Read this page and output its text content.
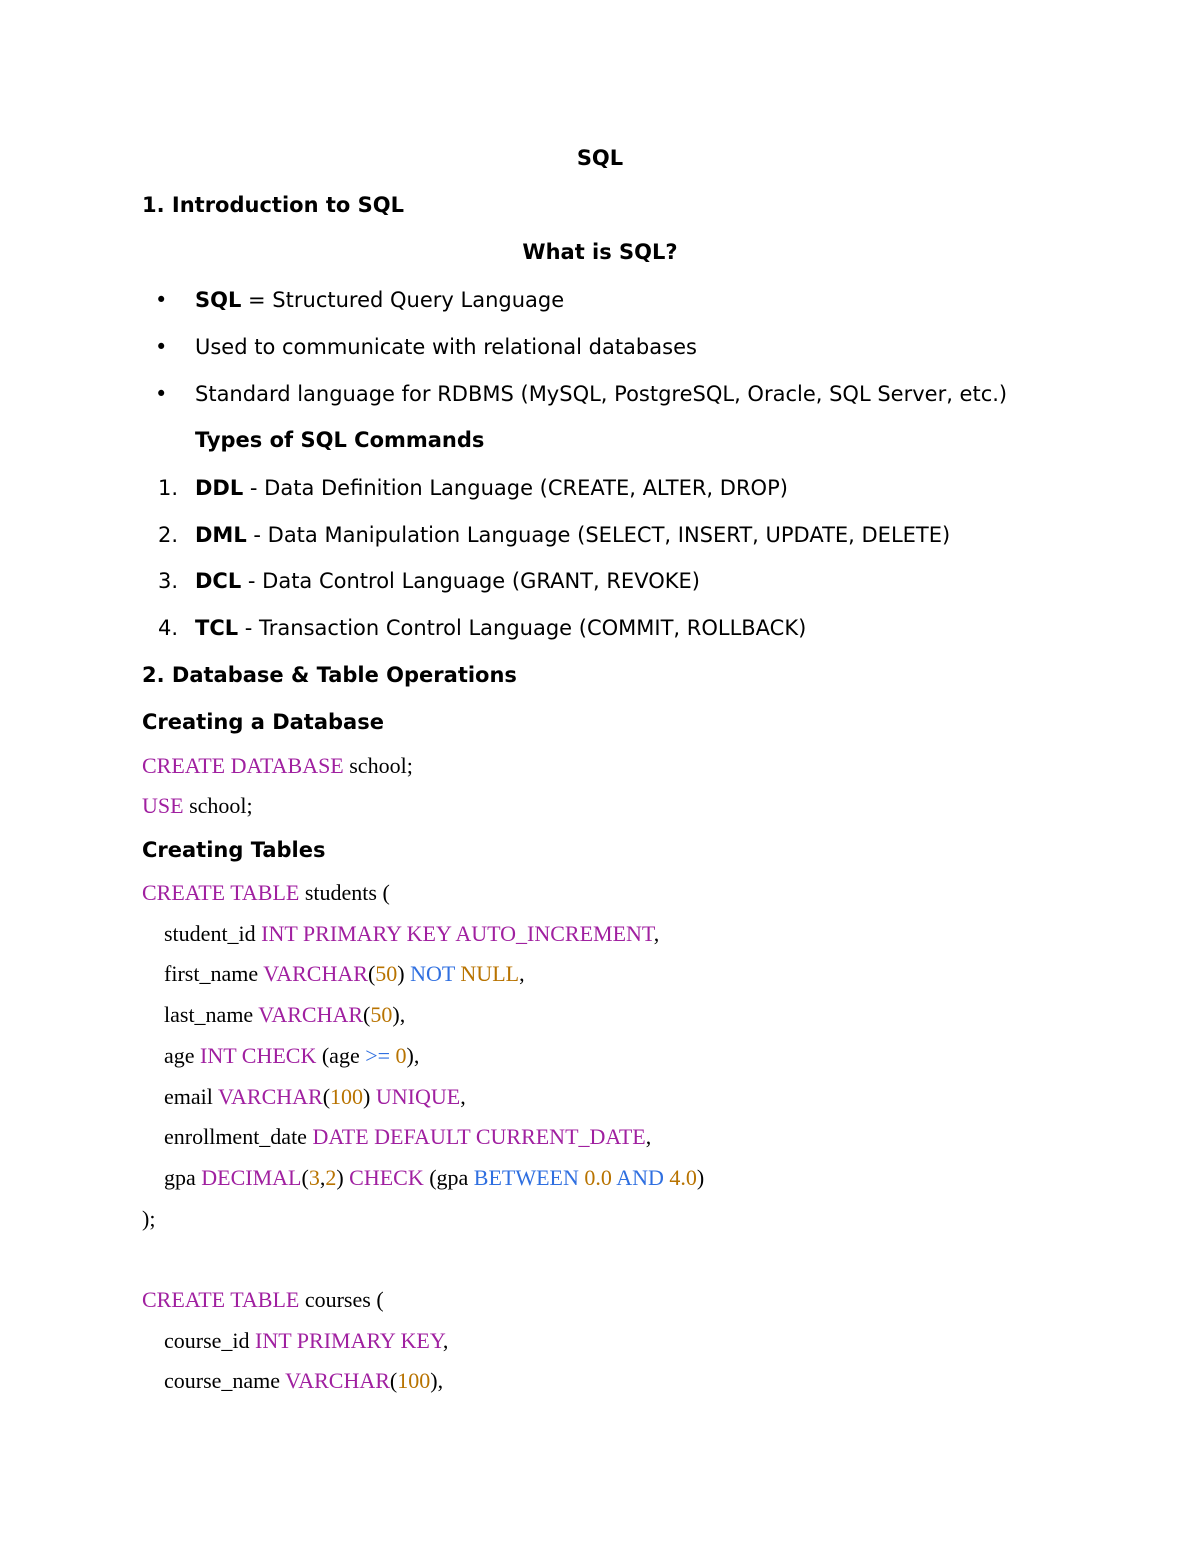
SQL
1. Introduction to SQL
What is SQL?
• SQL = Structured Query Language
• Used to communicate with relational databases
• Standard language for RDBMS (MySQL, PostgreSQL, Oracle, SQL Server, etc.)
Types of SQL Commands
1. DDL - Data Definition Language (CREATE, ALTER, DROP)
2. DML - Data Manipulation Language (SELECT, INSERT, UPDATE, DELETE)
3. DCL - Data Control Language (GRANT, REVOKE)
4. TCL - Transaction Control Language (COMMIT, ROLLBACK)
2. Database & Table Operations
Creating a Database
CREATE DATABASE school;
USE school;
Creating Tables
CREATE TABLE students (
student_id INT PRIMARY KEY AUTO_INCREMENT,
first_name VARCHAR(50) NOT NULL,
last_name VARCHAR(50),
age INT CHECK (age >= 0),
email VARCHAR(100) UNIQUE,
enrollment_date DATE DEFAULT CURRENT_DATE,
gpa DECIMAL(3,2) CHECK (gpa BETWEEN 0.0 AND 4.0)
);
CREATE TABLE courses (
course_id INT PRIMARY KEY,
course_name VARCHAR(100),
